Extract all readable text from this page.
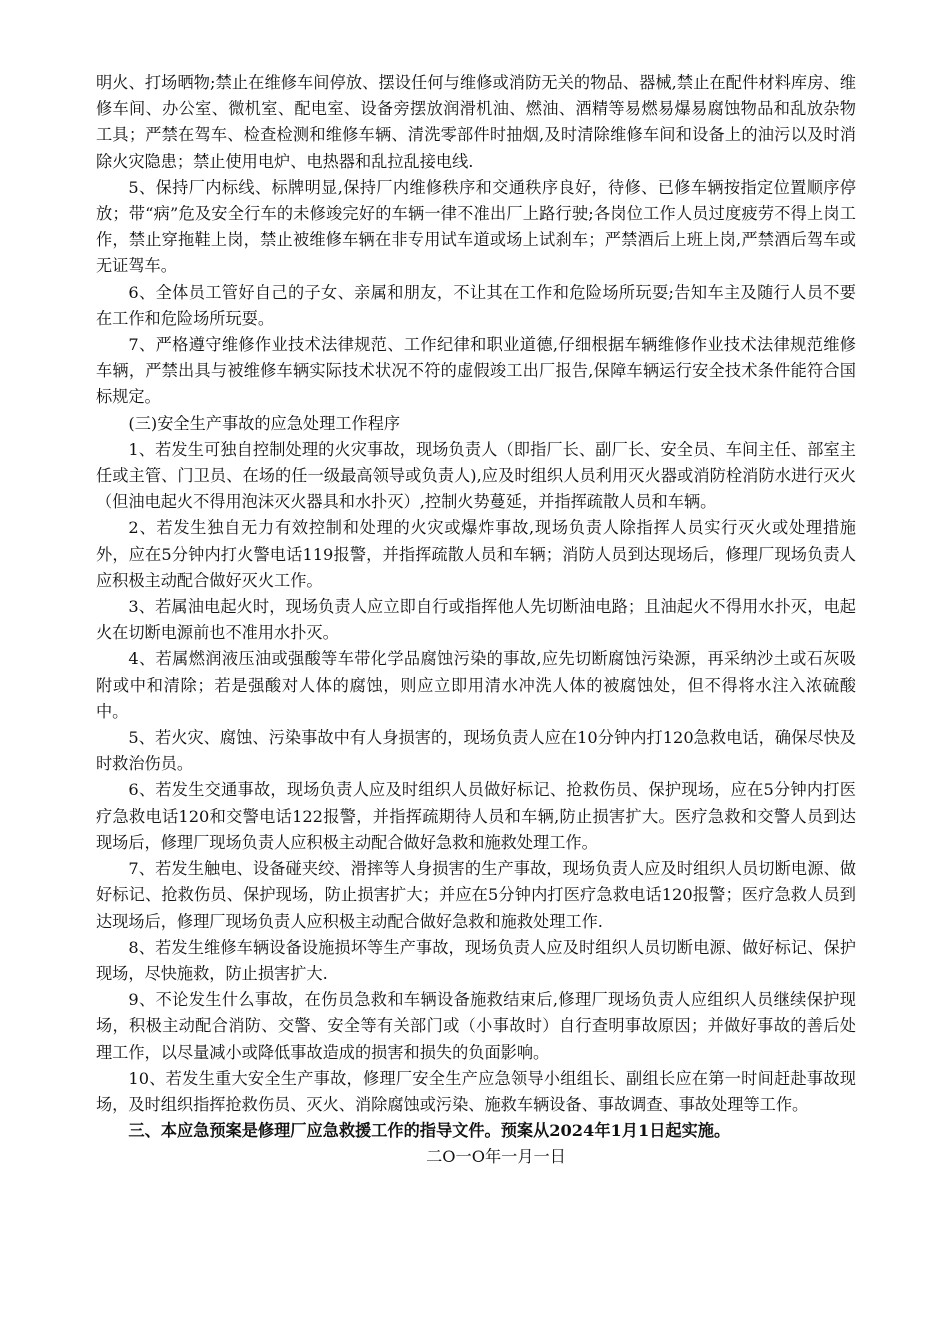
明火、打场晒物;禁止在维修车间停放、摆设任何与维修或消防无关的物品、器械,禁止在配件材料库房、维修车间、办公室、微机室、配电室、设备旁摆放润滑机油、燃油、酒精等易燃易爆易腐蚀物品和乱放杂物工具；严禁在驾车、检查检测和维修车辆、清洗零部件时抽烟,及时清除维修车间和设备上的油污以及时消除火灾隐患；禁止使用电炉、电热器和乱拉乱接电线.

5、保持厂内标线、标牌明显,保持厂内维修秩序和交通秩序良好，待修、已修车辆按指定位置顺序停放；带“病”危及安全行车的未修竣完好的车辆一律不准出厂上路行驶;各岗位工作人员过度疲劳不得上岗工作，禁止穿拖鞋上岗，禁止被维修车辆在非专用试车道或场上试刹车；严禁酒后上班上岗,严禁酒后驾车或无证驾车。

6、全体员工管好自己的子女、亲属和朋友，不让其在工作和危险场所玩耍;告知车主及随行人员不要在工作和危险场所玩耍。

7、严格遵守维修作业技术法律规范、工作纪律和职业道德,仔细根据车辆维修作业技术法律规范维修车辆，严禁出具与被维修车辆实际技术状况不符的虚假竣工出厂报告,保障车辆运行安全技术条件能符合国标规定。

(三)安全生产事故的应急处理工作程序

1、若发生可独自控制处理的火灾事故，现场负责人（即指厂长、副厂长、安全员、车间主任、部室主任或主管、门卫员、在场的任一级最高领导或负责人),应及时组织人员利用灭火器或消防栓消防水进行灭火（但油电起火不得用泡沫灭火器具和水扑灭）,控制火势蔓延，并指挥疏散人员和车辆。

2、若发生独自无力有效控制和处理的火灾或爆炸事故,现场负责人除指挥人员实行灭火或处理措施外，应在5分钟内打火警电话119报警，并指挥疏散人员和车辆；消防人员到达现场后，修理厂现场负责人应积极主动配合做好灭火工作。

3、若属油电起火时，现场负责人应立即自行或指挥他人先切断油电路；且油起火不得用水扑灭，电起火在切断电源前也不准用水扑灭。

4、若属燃润液压油或强酸等车带化学品腐蚀污染的事故,应先切断腐蚀污染源，再采纳沙土或石灰吸附或中和清除；若是强酸对人体的腐蚀，则应立即用清水冲洗人体的被腐蚀处，但不得将水注入浓硫酸中。

5、若火灾、腐蚀、污染事故中有人身损害的，现场负责人应在10分钟内打120急救电话，确保尽快及时救治伤员。

6、若发生交通事故，现场负责人应及时组织人员做好标记、抢救伤员、保护现场，应在5分钟内打医疗急救电话120和交警电话122报警，并指挥疏期待人员和车辆,防止损害扩大。医疗急救和交警人员到达现场后，修理厂现场负责人应积极主动配合做好急救和施救处理工作。

7、若发生触电、设备碰夹绞、滑摔等人身损害的生产事故，现场负责人应及时组织人员切断电源、做好标记、抢救伤员、保护现场，防止损害扩大；并应在5分钟内打医疗急救电话120报警；医疗急救人员到达现场后，修理厂现场负责人应积极主动配合做好急救和施救处理工作.

8、若发生维修车辆设备设施损坏等生产事故，现场负责人应及时组织人员切断电源、做好标记、保护现场，尽快施救，防止损害扩大.

9、不论发生什么事故，在伤员急救和车辆设备施救结束后,修理厂现场负责人应组织人员继续保护现场，积极主动配合消防、交警、安全等有关部门或（小事故时）自行查明事故原因；并做好事故的善后处理工作，以尽量减小或降低事故造成的损害和损失的负面影响。

10、若发生重大安全生产事故，修理厂安全生产应急领导小组组长、副组长应在第一时间赶赴事故现场，及时组织指挥抢救伤员、灭火、消除腐蚀或污染、施救车辆设备、事故调查、事故处理等工作。

三、本应急预案是修理厂应急救援工作的指导文件。预案从2024年1月1日起实施。

二O一O年一月一日
